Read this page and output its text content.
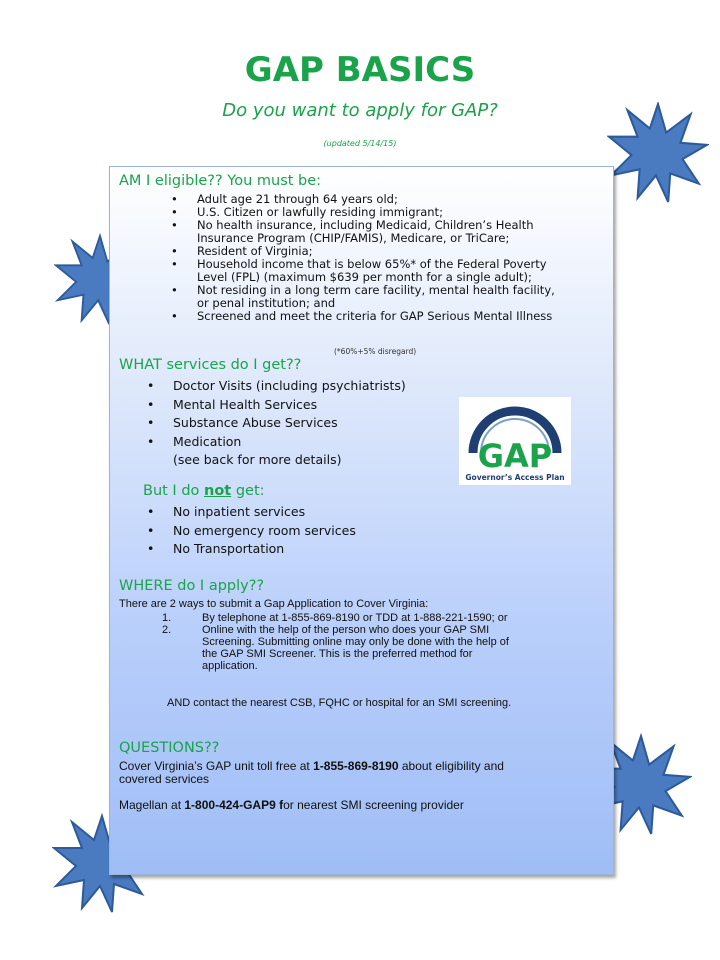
GAP BASICS

Do you want to apply for GAP?

(updated 5/14/15)

AM I eligible?? You must be:

• Adult age 21 through 64 years old;
• U.S. Citizen or lawfully residing immigrant;
• No health insurance, including Medicaid, Children’s Health
Insurance Program (CHIP/FAMIS), Medicare, or TriCare;
• Resident of Virginia;
• Household income that is below 65%* of the Federal Poverty
Level (FPL) (maximum $639 per month for a single adult);
• Not residing in a long term care facility, mental health facility,
or penal institution; and
• Screened and meet the criteria for GAP Serious Mental Illness

(*60%+5% disregard)

WHAT services do I get??

• Doctor Visits (including psychiatrists)
• Mental Health Services
• Substance Abuse Services
• Medication
(see back for more details)	GAP
Governor’s Access Plan

But I do not get:

• No inpatient services
• No emergency room services
• No Transportation

WHERE do I apply??

There are 2 ways to submit a Gap Application to Cover Virginia:

1.	By telephone at 1-855-869-8190 or TDD at 1-888-221-1590; or
2.	Online with the help of the person who does your GAP SMI
Screening. Submitting online may only be done with the help of
the GAP SMI Screener. This is the preferred method for
application.

AND contact the nearest CSB, FQHC or hospital for an SMI screening.

QUESTIONS??

Cover Virginia’s GAP unit toll free at 1-855-869-8190 about eligibility and
covered services
Magellan at 1-800-424-GAP9 for nearest SMI screening provider
